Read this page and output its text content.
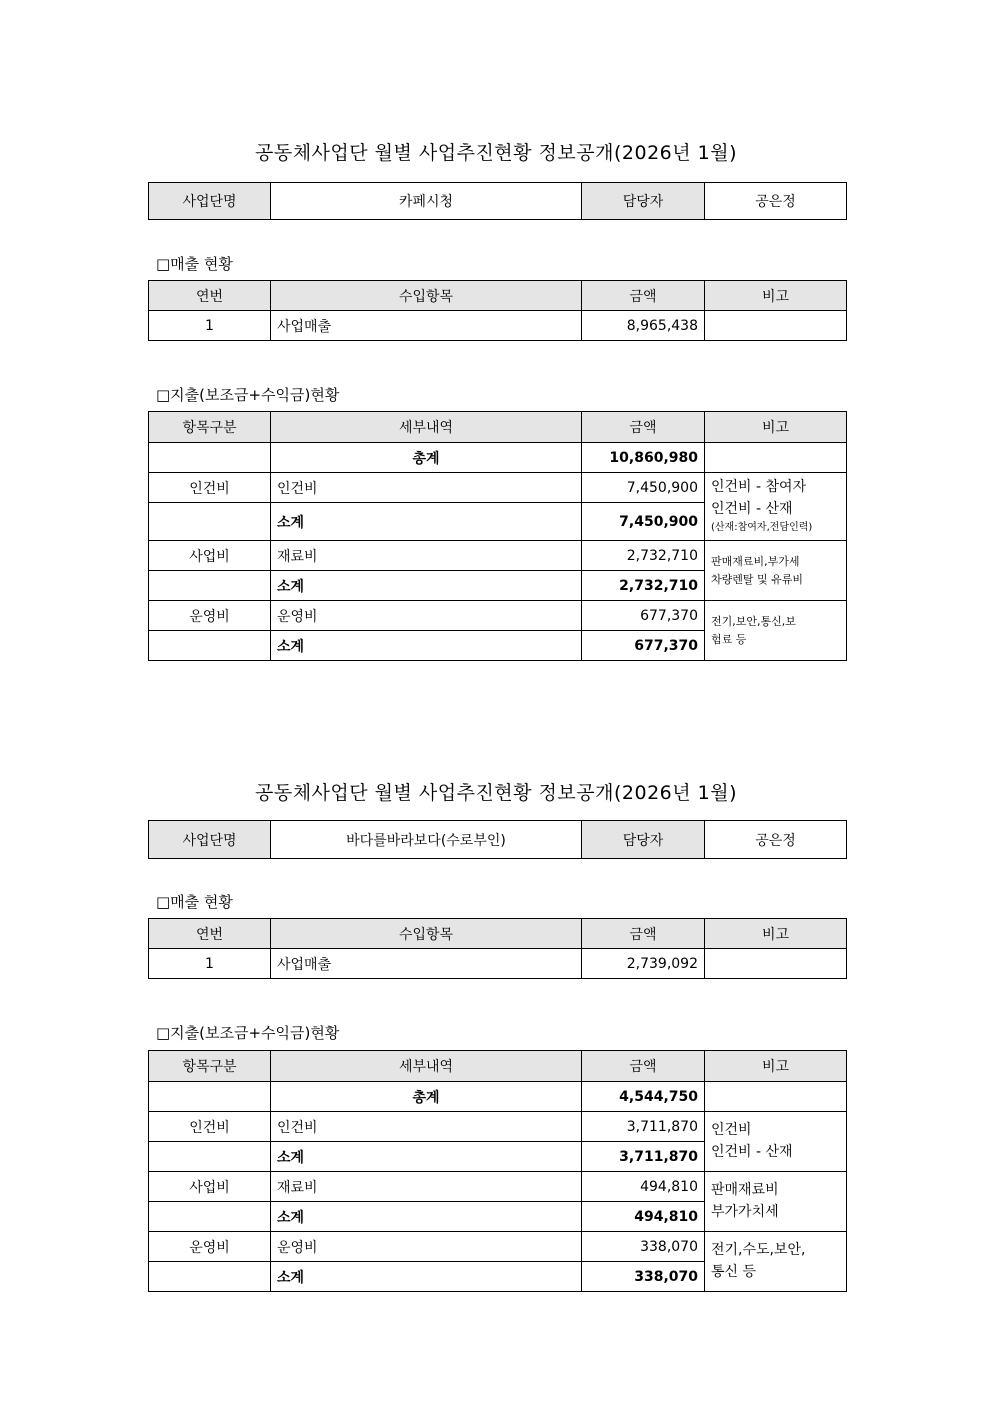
공동체사업단 월별 사업추진현황 정보공개(2026년 1월)
사업단명	카페시청	담당자	공은정
□매출 현황
연번	수입항목	금액	비고
1	사업매출	8,965,438	
□지출(보조금+수익금)현황
항목구분	세부내역	금액	비고
	총계	10,860,980	
인건비	인건비	7,450,900	인건비 - 참여자
인건비 - 산재
(산재:참여자,전담인력)

	소계	7,450,900	
사업비	재료비	2,732,710	판매재료비,부가세
차량렌탈 및 유류비

	소계	2,732,710	
운영비	운영비	677,370	전기,보안,통신,보
험료 등

	소계	677,370	
공동체사업단 월별 사업추진현황 정보공개(2026년 1월)
사업단명	바다를바라보다(수로부인)	담당자	공은정
□매출 현황
연번	수입항목	금액	비고
1	사업매출	2,739,092	
□지출(보조금+수익금)현황
항목구분	세부내역	금액	비고
	총계	4,544,750	
인건비	인건비	3,711,870	인건비
인건비 - 산재

	소계	3,711,870	
사업비	재료비	494,810	판매재료비
부가가치세

	소계	494,810	
운영비	운영비	338,070	전기,수도,보안,
통신 등

	소계	338,070	
